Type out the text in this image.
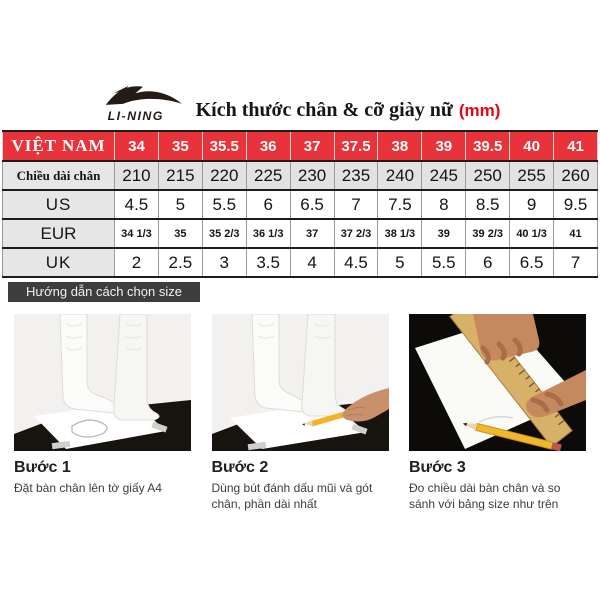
LI-NING Kích thước chân & cỡ giày nữ (mm)
VIỆT NAM	34	35	35.5	36	37	37.5	38	39	39.5	40	41
Chiều dài chân	210	215	220	225	230	235	240	245	250	255	260
US	4.5	5	5.5	6	6.5	7	7.5	8	8.5	9	9.5
EUR	34 1/3	35	35 2/3	36 1/3	37	37 2/3	38 1/3	39	39 2/3	40 1/3	41
UK	2	2.5	3	3.5	4	4.5	5	5.5	6	6.5	7
Hướng dẫn cách chọn size
Bước 1
Đặt bàn chân lên tờ giấy A4
Bước 2
Dùng bút đánh dấu mũi và gót chân, phần dài nhất
Bước 3
Đo chiều dài bàn chân và so sánh với bảng size như trên
